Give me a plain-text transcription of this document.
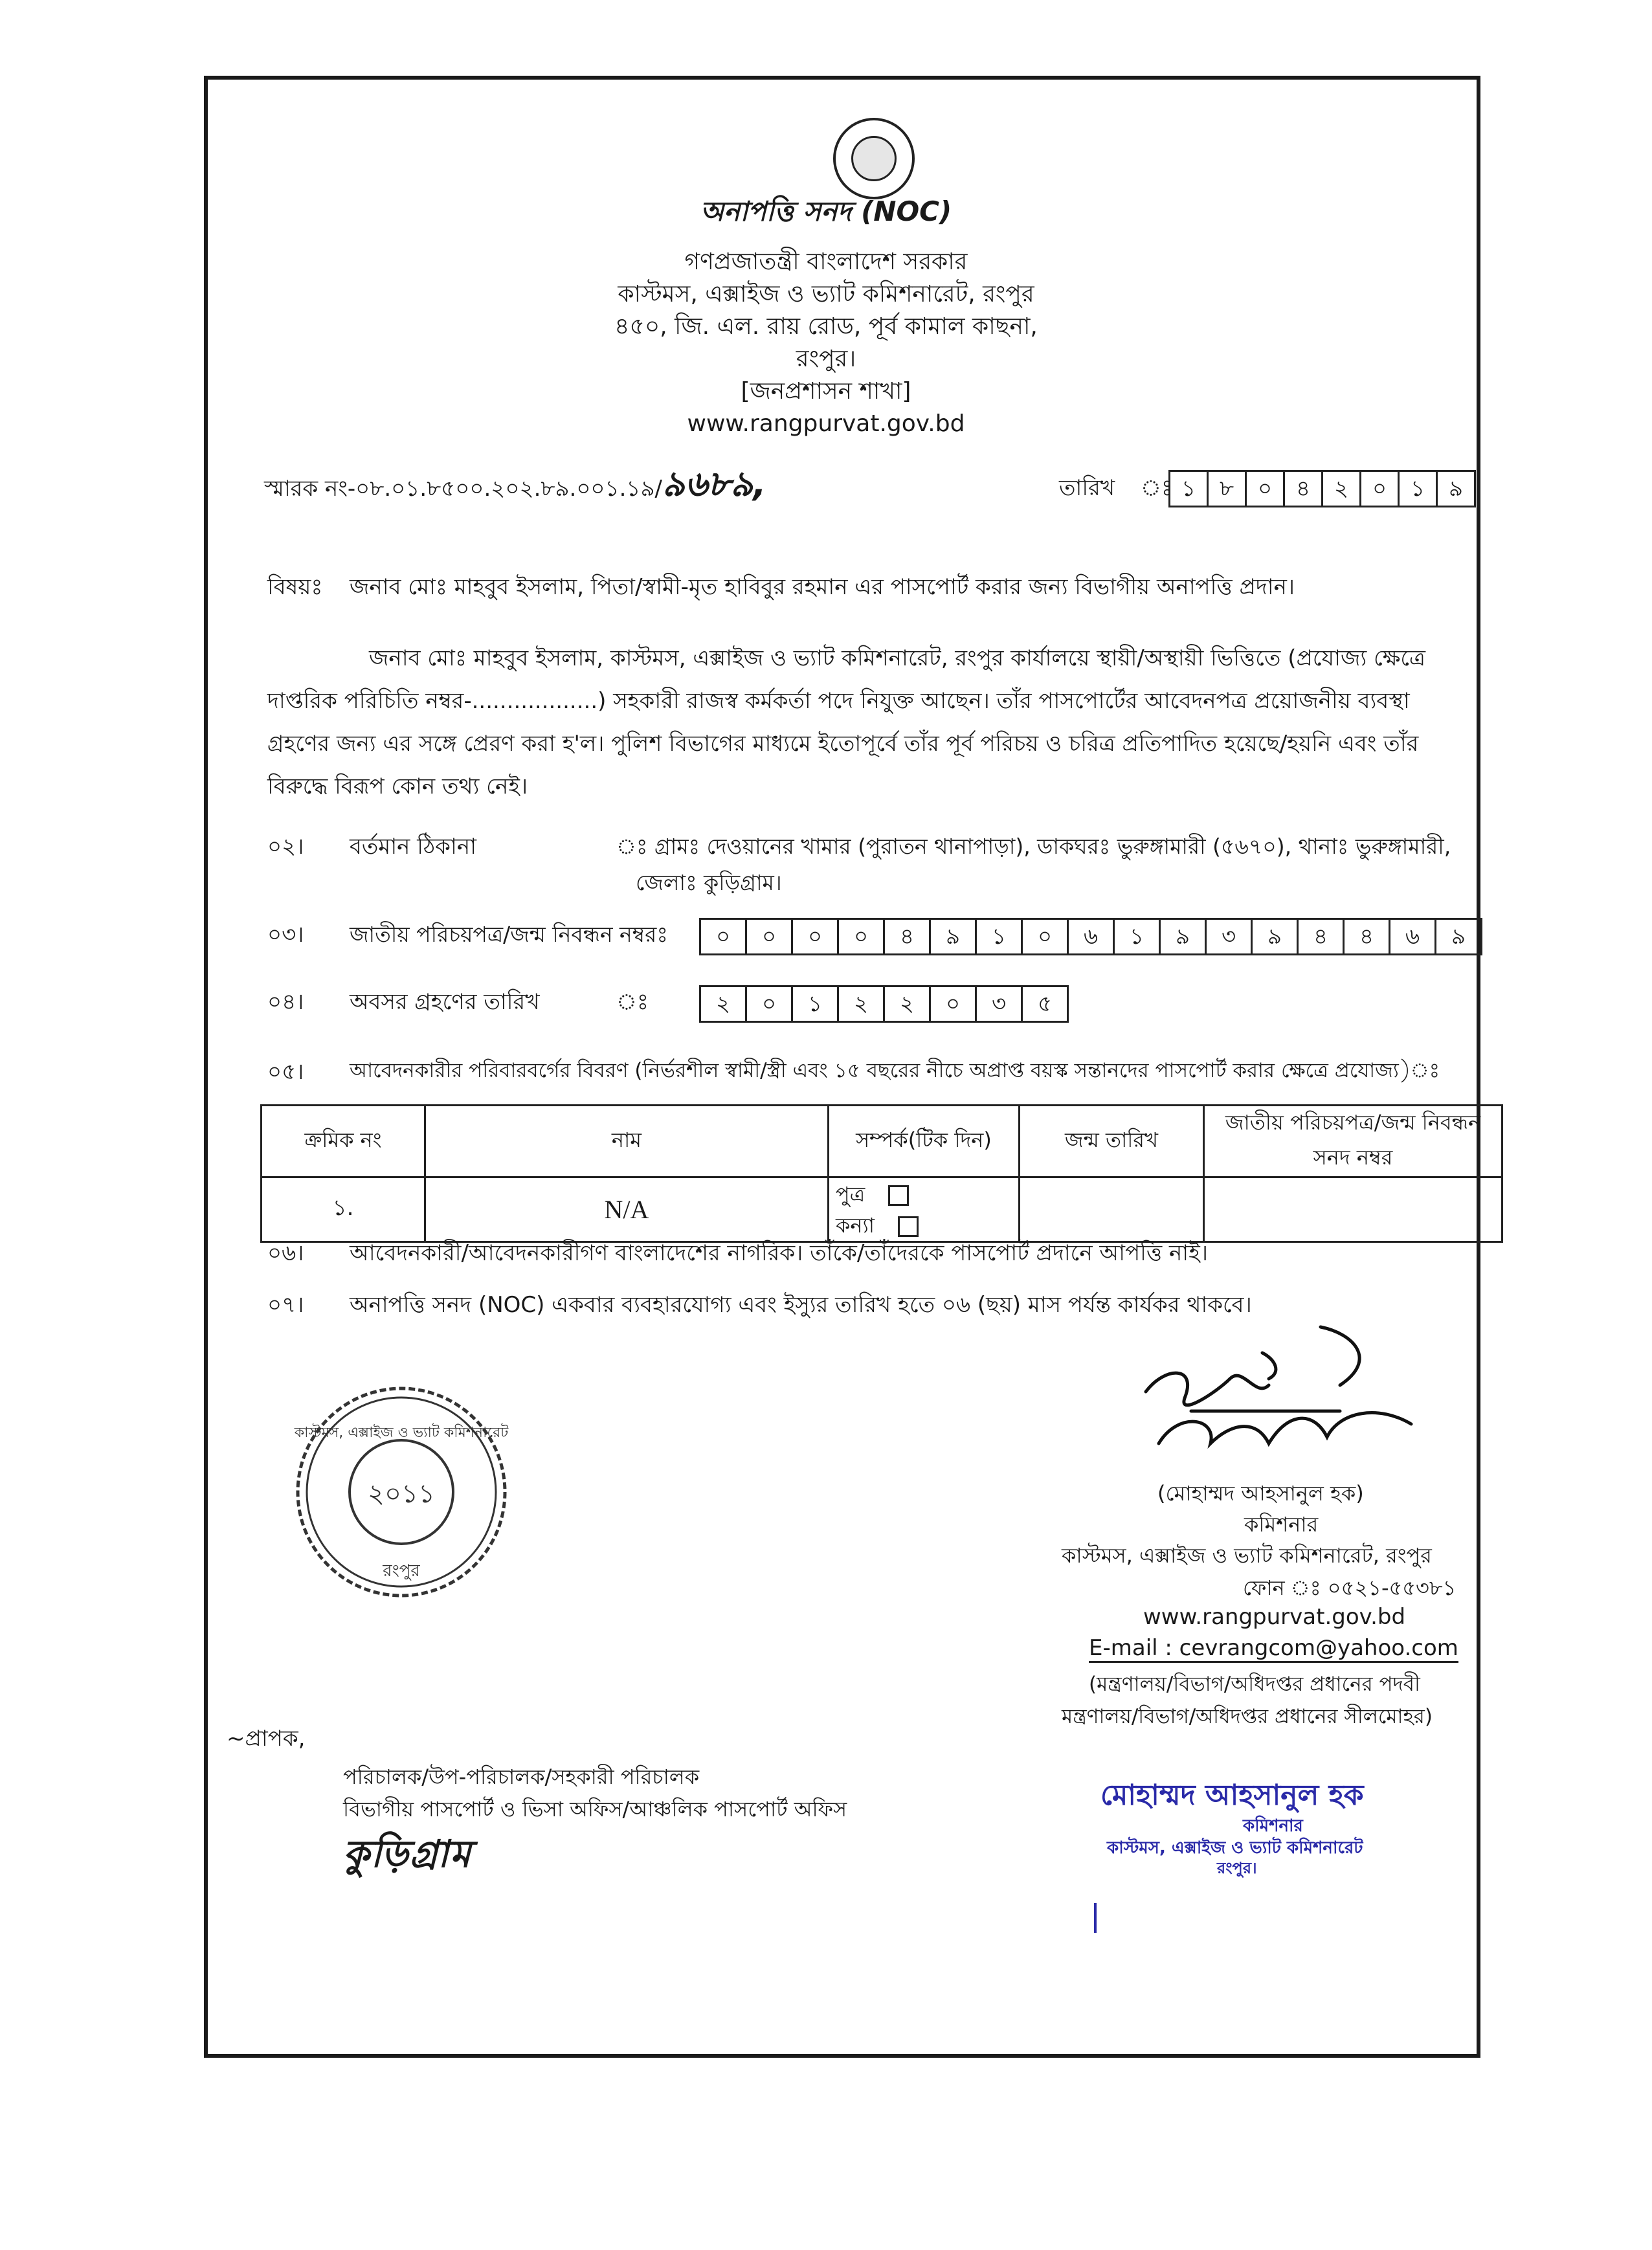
অনাপত্তি সনদ (NOC)
গণপ্রজাতন্ত্রী বাংলাদেশ সরকার
কাস্টমস, এক্সাইজ ও ভ্যাট কমিশনারেট, রংপুর
৪৫০, জি. এল. রায় রোড, পূর্ব কামাল কাছনা,
রংপুর।
[জনপ্রশাসন শাখা]
www.rangpurvat.gov.bd
স্মারক নং-০৮.০১.৮৫০০.২০২.৮৯.০০১.১৯/৯৬৮৯,	তারিখ ঃ ১	৮	০	৪	২	০	১	৯
বিষয়ঃ জনাব মোঃ মাহবুব ইসলাম, পিতা/স্বামী-মৃত হাবিবুর রহমান এর পাসপোর্ট করার জন্য বিভাগীয় অনাপত্তি প্রদান।
জনাব মোঃ মাহবুব ইসলাম, কাস্টমস, এক্সাইজ ও ভ্যাট কমিশনারেট, রংপুর কার্যালয়ে স্থায়ী/অস্থায়ী ভিত্তিতে (প্রযোজ্য ক্ষেত্রে
দাপ্তরিক পরিচিতি নম্বর-..................) সহকারী রাজস্ব কর্মকর্তা পদে নিযুক্ত আছেন। তাঁর পাসপোর্টের আবেদনপত্র প্রয়োজনীয় ব্যবস্থা
গ্রহণের জন্য এর সঙ্গে প্রেরণ করা হ'ল। পুলিশ বিভাগের মাধ্যমে ইতোপূর্বে তাঁর পূর্ব পরিচয় ও চরিত্র প্রতিপাদিত হয়েছে/হয়নি এবং তাঁর
বিরুদ্ধে বিরূপ কোন তথ্য নেই।
০২। বর্তমান ঠিকানা	ঃ গ্রামঃ দেওয়ানের খামার (পুরাতন থানাপাড়া), ডাকঘরঃ ভুরুঙ্গামারী (৫৬৭০), থানাঃ ভুরুঙ্গামারী,
জেলাঃ কুড়িগ্রাম।
০৩। জাতীয় পরিচয়পত্র/জন্ম নিবন্ধন নম্বরঃ	০	০	০	০	৪	৯	১	০	৬	১	৯	৩	৯	৪	৪	৬	৯
০৪। অবসর গ্রহণের তারিখ	ঃ	২	০	১	২	২	০	৩	৫
০৫। আবেদনকারীর পরিবারবর্গের বিবরণ (নির্ভরশীল স্বামী/স্ত্রী এবং ১৫ বছরের নীচে অপ্রাপ্ত বয়স্ক সন্তানদের পাসপোর্ট করার ক্ষেত্রে প্রযোজ্য)ঃ
ক্রমিক নং	নাম	সম্পর্ক(টিক দিন)	জন্ম তারিখ	জাতীয় পরিচয়পত্র/জন্ম নিবন্ধন সনদ নম্বর
১.	N/A	পুত্র
কন্যা		

০৬। আবেদনকারী/আবেদনকারীগণ বাংলাদেশের নাগরিক। তাঁকে/তাঁদেরকে পাসপোর্ট প্রদানে আপত্তি নাই।
০৭। অনাপত্তি সনদ (NOC) একবার ব্যবহারযোগ্য এবং ইস্যুর তারিখ হতে ০৬ (ছয়) মাস পর্যন্ত কার্যকর থাকবে।
কাস্টমস, এক্সাইজ ও ভ্যাট কমিশনারেট
২০১১
রংপুর
(মোহাম্মদ আহসানুল হক)
কমিশনার
কাস্টমস, এক্সাইজ ও ভ্যাট কমিশনারেট, রংপুর
ফোন ঃ ০৫২১-৫৫৩৮১
www.rangpurvat.gov.bd
E-mail : cevrangcom@yahoo.com
(মন্ত্রণালয়/বিভাগ/অধিদপ্তর প্রধানের পদবী
মন্ত্রণালয়/বিভাগ/অধিদপ্তর প্রধানের সীলমোহর)
~প্রাপক,
পরিচালক/উপ-পরিচালক/সহকারী পরিচালক
বিভাগীয় পাসপোর্ট ও ভিসা অফিস/আঞ্চলিক পাসপোর্ট অফিস
কুড়িগ্রাম
মোহাম্মদ আহসানুল হক
কমিশনার
কাস্টমস, এক্সাইজ ও ভ্যাট কমিশনারেট
রংপুর।
